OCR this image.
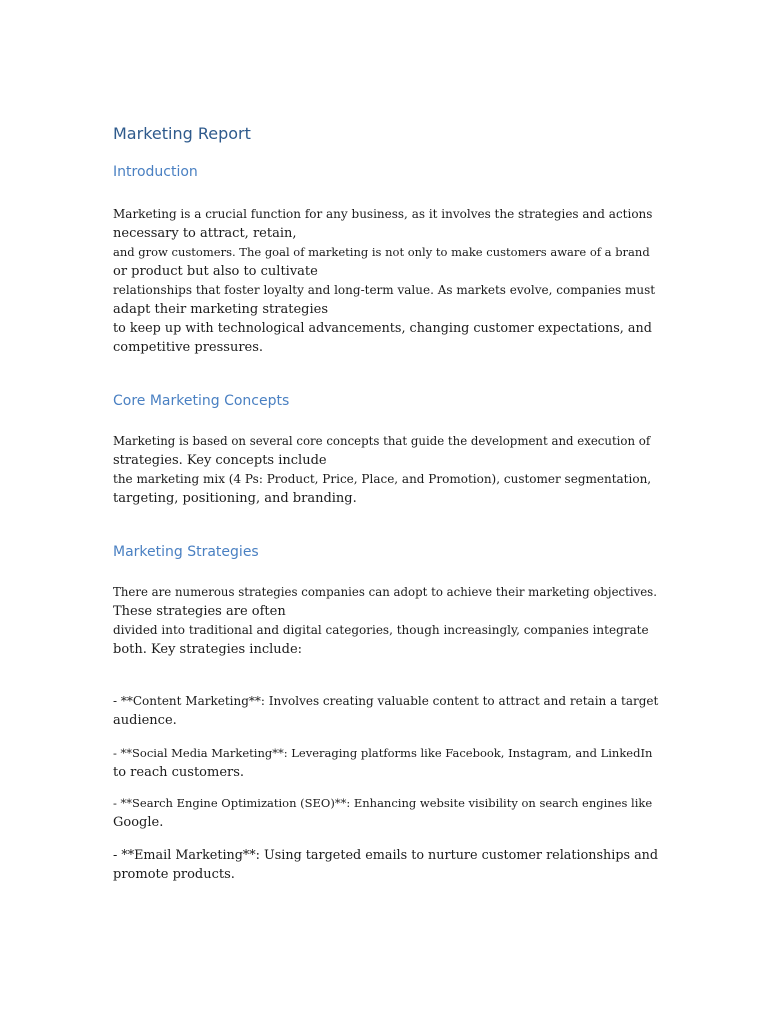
Marketing Report
Introduction

Marketing is a crucial function for any business, as it involves the strategies and actions
necessary to attract, retain,
and grow customers. The goal of marketing is not only to make customers aware of a brand
or product but also to cultivate
relationships that foster loyalty and long-term value. As markets evolve, companies must
adapt their marketing strategies
to keep up with technological advancements, changing customer expectations, and
competitive pressures.

Core Marketing Concepts

Marketing is based on several core concepts that guide the development and execution of
strategies. Key concepts include
the marketing mix (4 Ps: Product, Price, Place, and Promotion), customer segmentation,
targeting, positioning, and branding.

Marketing Strategies

There are numerous strategies companies can adopt to achieve their marketing objectives.
These strategies are often
divided into traditional and digital categories, though increasingly, companies integrate
both. Key strategies include:

- **Content Marketing**: Involves creating valuable content to attract and retain a target
audience.

- **Social Media Marketing**: Leveraging platforms like Facebook, Instagram, and LinkedIn
to reach customers.

- **Search Engine Optimization (SEO)**: Enhancing website visibility on search engines like
Google.

- **Email Marketing**: Using targeted emails to nurture customer relationships and
promote products.
